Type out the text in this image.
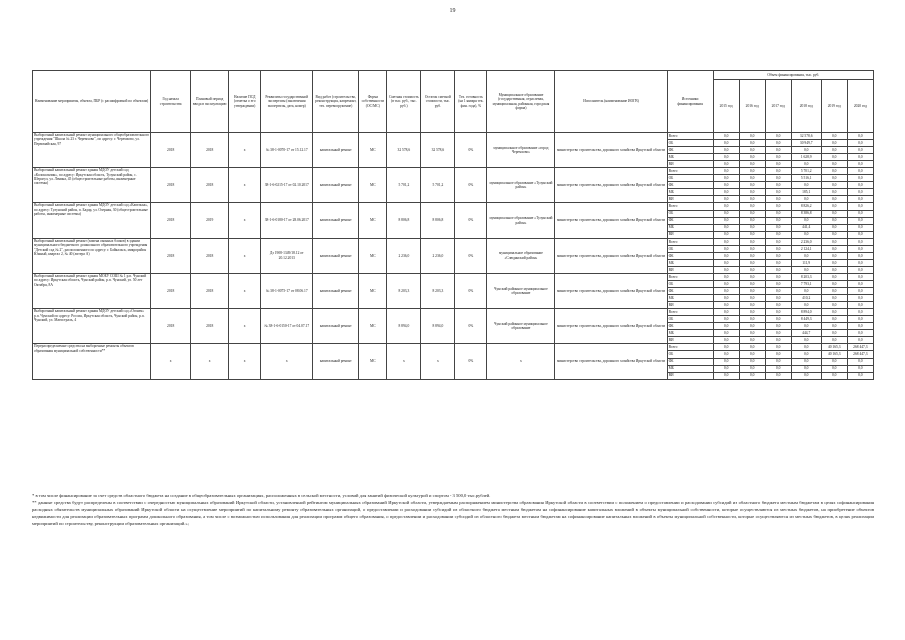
19
Наименование мероприятия, объекта, ПБР (с расшифровкой по объектам)	Год начала строительства	Плановый период ввода в эксплуатацию	Наличие ПСД (отметка о его утверждении)	Реквизиты государственной экспертизы (заключения экспертизы, дата, номер)	Вид работ (строительство, реконструкция, капремонт, тех. перевооружение)	Форма собственности (ОС/МС)	Сметная стоимость (в тыс. руб., тыс. руб.)	Остаток сметной стоимости, тыс. руб.	Тех. готовность (на 1 января тек. фин. года), %	Муниципальное образование (государственная, отраслевая, муниципальная, районная, городская форма)	Исполнитель (наименование ИОГВ)	Источники финансирования	Объем финансирования, тыс. руб.					
													2015 год	2016 год	2017 год	2018 год	2019 год	2020 год
Выборочный капитальный ремонт муниципального общеобразовательного учреждения "Школа № 23 г. Черемхово", по адресу: г. Черемхово, ул. Первомайская, 97	2018	2018	х	№ 38-1-0070-17 от 15.12.17	капитальный ремонт	МС	32 578,6	32 578,6	0%	муниципальное образование «город Черемхово»	министерство строительства, дорожного хозяйства Иркутской области	Всего	0,0	0,0	0,0	32 578,6	0,0	0,0
												ОБ	0,0	0,0	0,0	30 949,7	0,0	0,0
												ФБ	0,0	0,0	0,0	0,0	0,0	0,0
												МБ	0,0	0,0	0,0	1 628,9	0,0	0,0
												ВИ	0,0	0,0	0,0	0,0	0,0	0,0
Выборочный капитальный ремонт здания МДОУ детский сад «Колокольчик», по адресу: Иркутская область, Тулунский район, с. Шерагул, ул. Ленина, 45 (общестроительные работы, инженерные системы)	2018	2018	х	38-1-6-0215-17 от 02.10.2017	капитальный ремонт	МС	5 701,2	5 701,2	0%	муниципальное образование «Тулунский район»	министерство строительства, дорожного хозяйства Иркутской области	Всего	0,0	0,0	0,0	5 701,2	0,0	0,0
												ОБ	0,0	0,0	0,0	5 516,1	0,0	0,0
												ФБ	0,0	0,0	0,0	0,0	0,0	0,0
												МБ	0,0	0,0	0,0	185,1	0,0	0,0
												ВИ	0,0	0,0	0,0	0,0	0,0	0,0
Выборочный капитальный ремонт здания МДОУ детский сад «Капелька», по адресу: Тулунский район, п. Бадар, ул. Озерная, 30 (общестроительные работы, инженерные системы)	2018	2019	х	38-1-6-0180-17 от 28.06.2017	капитальный ремонт	МС	8 806,8	8 806,8	0%	муниципальное образование «Тулунский район»	министерство строительства, дорожного хозяйства Иркутской области	Всего	0,0	0,0	0,0	8 826,2	0,0	0,0
												ОБ	0,0	0,0	0,0	8 386,8	0,0	0,0
												ФБ	0,0	0,0	0,0	0,0	0,0	0,0
												МБ	0,0	0,0	0,0	441,4	0,0	0,0
												ВИ	0,0	0,0	0,0	0,0	0,0	0,0
Выборочный капитальный ремонт (замена оконных блоков) в здании муниципального бюджетного дошкольного образовательного учреждения "Детский сад № 2", расположенного по адресу: г. Байкальск, микрорайон Южный, квартал 2, № 40 (литера А)	2018	2018	х	Дз 1908-1349/18.12 от 20.12.2013	капитальный ремонт	МС	2 236,0	2 236,0	0%	муниципальное образование «Слюдянский район»	министерство строительства, дорожного хозяйства Иркутской области	Всего	0,0	0,0	0,0	2 236,0	0,0	0,0
												ОБ	0,0	0,0	0,0	2 124,1	0,0	0,0
												ФБ	0,0	0,0	0,0	0,0	0,0	0,0
												МБ	0,0	0,0	0,0	111,9	0,0	0,0
												ВИ	0,0	0,0	0,0	0,0	0,0	0,0
Выборочный капитальный ремонт здания МОБУ СОШ № 1 р.п. Чунский по адресу: Иркутская область, Чунский район, р.п. Чунский, ул. 50 лет Октября, 8А	2018	2018	х	№ 38-1-0075-17 от 08.06.17	капитальный ремонт	МС	8 203,3	8 203,3	0%	Чунский районное муниципальное образование	министерство строительства, дорожного хозяйства Иркутской области	Всего	0,0	0,0	0,0	8 203,3	0,0	0,0
												ОБ	0,0	0,0	0,0	7 793,1	0,0	0,0
												ФБ	0,0	0,0	0,0	0,0	0,0	0,0
												МБ	0,0	0,0	0,0	410,2	0,0	0,0
												ВИ	0,0	0,0	0,0	0,0	0,0	0,0
Выборочный капитальный ремонт здания МДОУ детский сад «Огонек» р.п. Чунский по адресу: Россия, Иркутская область, Чунский район, р.п. Чунский, ул. Магистраль, 4	2018	2018	х	№ 38-1-6-0150-17 от 04.07.17	капитальный ремонт	МС	8 894,0	8 894,0	0%	Чунский районное муниципальное образование	министерство строительства, дорожного хозяйства Иркутской области	Всего	0,0	0,0	0,0	8 894,0	0,0	0,0
												ОБ	0,0	0,0	0,0	8 449,3	0,0	0,0
												ФБ	0,0	0,0	0,0	0,0	0,0	0,0
												МБ	0,0	0,0	0,0	444,7	0,0	0,0
												ВИ	0,0	0,0	0,0	0,0	0,0	0,0
Перераспределяемые средства на выборочные ремонты объектов образования муниципальной собственности**	х	х	х	х	капитальный ремонт	МС	х	х	0%	х	министерство строительства, дорожного хозяйства Иркутской области	Всего	0,0	0,0	0,0	0,0	40 165,3	268 447,3
												ОБ	0,0	0,0	0,0	0,0	40 165,3	268 447,3
												ФБ	0,0	0,0	0,0	0,0	0,0	0,0
												МБ	0,0	0,0	0,0	0,0	0,0	0,0
												ВИ	0,0	0,0	0,0	0,0	0,0	0,0

* в том числе финансирование за счет средств областного бюджета на создание в общеобразовательных организациях, расположенных в сельской местности, условий для занятий физической культурой и спортом - 3 500,0 тыс.рублей.

** данные средства будут распределены в соответствии с очередностью муниципальных образований Иркутской области, установленной рейтингом муниципальных образований Иркутской области, утверждаемым распоряжением министерства образования Иркутской области в соответствии с положением о предоставлении и расходовании субсидий из областного бюджета местным бюджетам в целях софинансирования расходных обязательств муниципальных образований Иркутской области на осуществление мероприятий по капитальному ремонту образовательных организаций, о предоставлении и расходовании субсидий из областного бюджета местным бюджетам на софинансирование капитальных вложений в объекты муниципальной собственности, которые осуществляются из местных бюджетов, на приобретение объектов недвижимости для реализации образовательных программ дошкольного образования, а том числе с возможностью использования для реализации программ общего образования, о предоставлении и расходовании субсидий из областного бюджета местным бюджетам на софинансирование капитальных вложений в объекты муниципальной собственности, которые осуществляются из местных бюджетов, в целях реализации мероприятий по строительству, реконструкции образовательных организаций.»;
